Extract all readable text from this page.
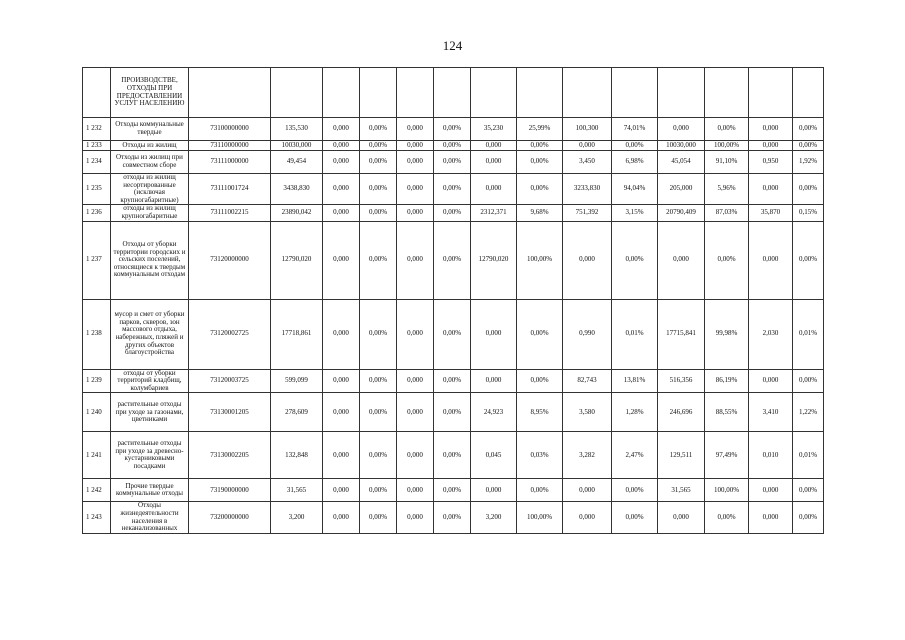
124
	ПРОИЗВОДСТВЕ, ОТХОДЫ ПРИ ПРЕДОСТАВЛЕНИИ УСЛУГ НАСЕЛЕНИЮ														
1 232	Отходы коммунальные твердые	73100000000	135,530	0,000	0,00%	0,000	0,00%	35,230	25,99%	100,300	74,01%	0,000	0,00%	0,000	0,00%
1 233	Отходы из жилищ	73110000000	10030,000	0,000	0,00%	0,000	0,00%	0,000	0,00%	0,000	0,00%	10030,000	100,00%	0,000	0,00%
1 234	Отходы из жилищ при совместном сборе	73111000000	49,454	0,000	0,00%	0,000	0,00%	0,000	0,00%	3,450	6,98%	45,054	91,10%	0,950	1,92%
1 235	отходы из жилищ несортированные (исключая крупногабаритные)	73111001724	3438,830	0,000	0,00%	0,000	0,00%	0,000	0,00%	3233,830	94,04%	205,000	5,96%	0,000	0,00%
1 236	отходы из жилищ крупногабаритные	73111002215	23890,042	0,000	0,00%	0,000	0,00%	2312,371	9,68%	751,392	3,15%	20790,409	87,03%	35,870	0,15%
1 237	Отходы от уборки территории городских и сельских поселений, относящиеся к твердым коммунальным отходам	73120000000	12790,020	0,000	0,00%	0,000	0,00%	12790,020	100,00%	0,000	0,00%	0,000	0,00%	0,000	0,00%
1 238	мусор и смет от уборки парков, скверов, зон массового отдыха, набережных, пляжей и других объектов благоустройства	73120002725	17718,861	0,000	0,00%	0,000	0,00%	0,000	0,00%	0,990	0,01%	17715,841	99,98%	2,030	0,01%
1 239	отходы от уборки территорий кладбищ, колумбариев	73120003725	599,099	0,000	0,00%	0,000	0,00%	0,000	0,00%	82,743	13,81%	516,356	86,19%	0,000	0,00%
1 240	растительные отходы при уходе за газонами, цветниками	73130001205	278,609	0,000	0,00%	0,000	0,00%	24,923	8,95%	3,580	1,28%	246,696	88,55%	3,410	1,22%
1 241	растительные отходы при уходе за древесно-кустарниковыми посадками	73130002205	132,848	0,000	0,00%	0,000	0,00%	0,045	0,03%	3,282	2,47%	129,511	97,49%	0,010	0,01%
1 242	Прочие твердые коммунальные отходы	73190000000	31,565	0,000	0,00%	0,000	0,00%	0,000	0,00%	0,000	0,00%	31,565	100,00%	0,000	0,00%
1 243	Отходы жизнедеятельности населения в неканализованных	73200000000	3,200	0,000	0,00%	0,000	0,00%	3,200	100,00%	0,000	0,00%	0,000	0,00%	0,000	0,00%
